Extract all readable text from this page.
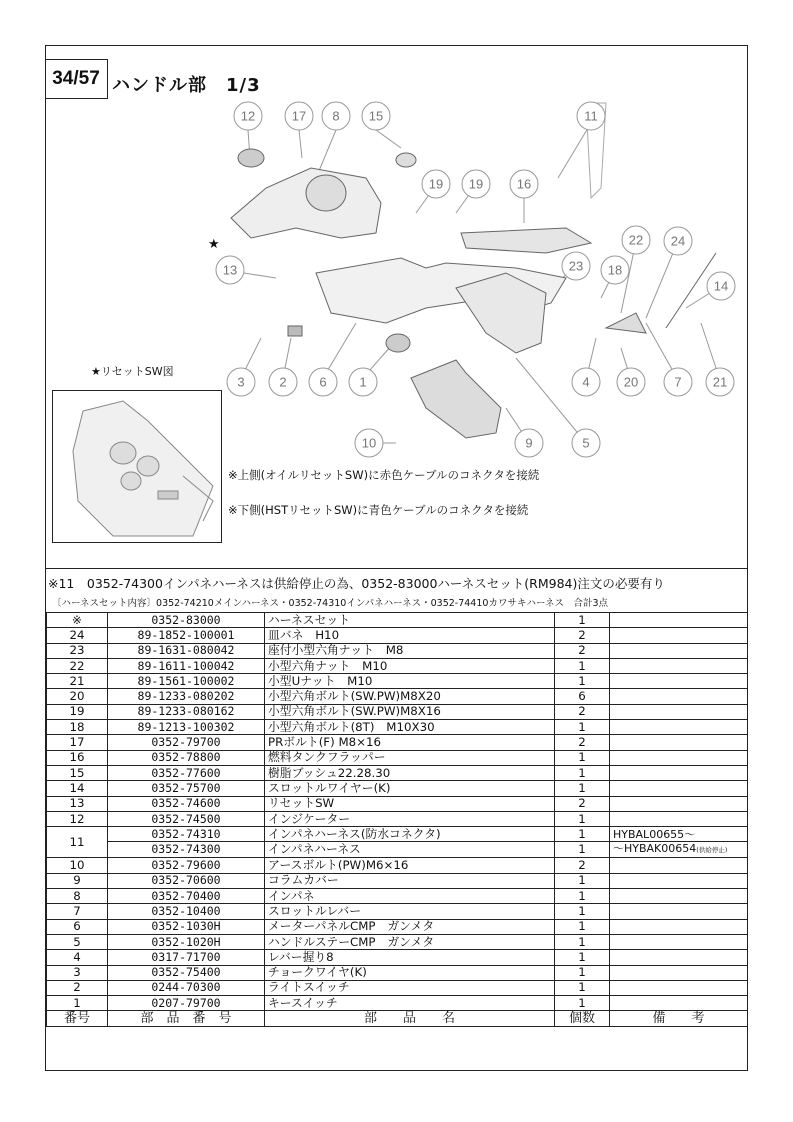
34/57 ハンドル部　1/3
★
12	17 8 15	11
19 19	16
13
22 24
14
23 18
3	2	6	1	4	20	7 21
10	9	5
★リセットSW図
※上側(オイルリセットSW)に赤色ケーブルのコネクタを接続
※下側(HSTリセットSW)に青色ケーブルのコネクタを接続
※11　0352-74300インパネハーネスは供給停止の為、0352-83000ハーネスセット(RM984)注文の必要有り
〔ハーネスセット内容〕0352-74210メインハーネス・0352-74310インパネハーネス・0352-74410カワサキハーネス　合計3点
※	0352-83000	ハーネスセット	1	
24	89-1852-100001	皿バネ　H10	2	
23	89-1631-080042	座付小型六角ナット　M8	2	
22	89-1611-100042	小型六角ナット　M10	1	
21	89-1561-100002	小型Uナット　M10	1	
20	89-1233-080202	小型六角ボルト(SW.PW)M8X20	6	
19	89-1233-080162	小型六角ボルト(SW.PW)M8X16	2	
18	89-1213-100302	小型六角ボルト(8T)　M10X30	1	
17	0352-79700	PRボルト(F) M8×16	2	
16	0352-78800	燃料タンクフラッパー	1	
15	0352-77600	樹脂ブッシュ22.28.30	1	
14	0352-75700	スロットルワイヤー(K)	1	
13	0352-74600	リセットSW	2	
12	0352-74500	インジケーター	1	
11	0352-74310	インパネハーネス(防水コネクタ)	1	HYBAL00655～
	0352-74300	インパネハーネス	1	～HYBAK00654(供給停止)
10	0352-79600	アースボルト(PW)M6×16	2	
9	0352-70600	コラムカバー	1	
8	0352-70400	インパネ	1	
7	0352-10400	スロットルレバー	1	
6	0352-1030H	メーターパネルCMP　ガンメタ	1	
5	0352-1020H	ハンドルステーCMP　ガンメタ	1	
4	0317-71700	レバー握り8	1	
3	0352-75400	チョークワイヤ(K)	1	
2	0244-70300	ライトスイッチ	1	
1	0207-79700	キースイッチ	1	
番号	部　品　番　号	部　　品　　名	個数	備　　考
